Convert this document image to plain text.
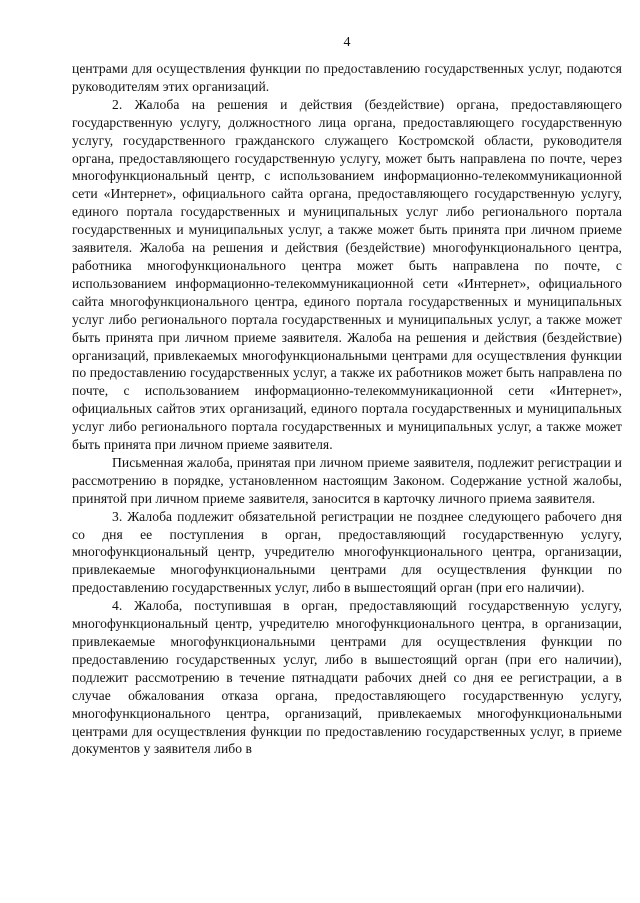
4

центрами для осуществления функции по предоставлению государственных услуг, подаются руководителям этих организаций.

2. Жалоба на решения и действия (бездействие) органа, предоставляющего государственную услугу, должностного лица органа, предоставляющего государственную услугу, государственного гражданского служащего Костромской области, руководителя органа, предоставляющего государственную услугу, может быть направлена по почте, через многофункциональный центр, с использованием информационно-телекоммуникационной сети «Интернет», официального сайта органа, предоставляющего государственную услугу, единого портала государственных и муниципальных услуг либо регионального портала государственных и муниципальных услуг, а также может быть принята при личном приеме заявителя. Жалоба на решения и действия (бездействие) многофункционального центра, работника многофункционального центра может быть направлена по почте, с использованием информационно-телекоммуникационной сети «Интернет», официального сайта многофункционального центра, единого портала государственных и муниципальных услуг либо регионального портала государственных и муниципальных услуг, а также может быть принята при личном приеме заявителя. Жалоба на решения и действия (бездействие) организаций, привлекаемых многофункциональными центрами для осуществления функции по предоставлению государственных услуг, а также их работников может быть направлена по почте, с использованием информационно-телекоммуникационной сети «Интернет», официальных сайтов этих организаций, единого портала государственных и муниципальных услуг либо регионального портала государственных и муниципальных услуг, а также может быть принята при личном приеме заявителя.

Письменная жалоба, принятая при личном приеме заявителя, подлежит регистрации и рассмотрению в порядке, установленном настоящим Законом. Содержание устной жалобы, принятой при личном приеме заявителя, заносится в карточку личного приема заявителя.

3. Жалоба подлежит обязательной регистрации не позднее следующего рабочего дня со дня ее поступления в орган, предоставляющий государственную услугу, многофункциональный центр, учредителю многофункционального центра, организации, привлекаемые многофункциональными центрами для осуществления функции по предоставлению государственных услуг, либо в вышестоящий орган (при его наличии).

4. Жалоба, поступившая в орган, предоставляющий государственную услугу, многофункциональный центр, учредителю многофункционального центра, в организации, привлекаемые многофункциональными центрами для осуществления функции по предоставлению государственных услуг, либо в вышестоящий орган (при его наличии), подлежит рассмотрению в течение пятнадцати рабочих дней со дня ее регистрации, а в случае обжалования отказа органа, предоставляющего государственную услугу, многофункционального центра, организаций, привлекаемых многофункциональными центрами для осуществления функции по предоставлению государственных услуг, в приеме документов у заявителя либо в
